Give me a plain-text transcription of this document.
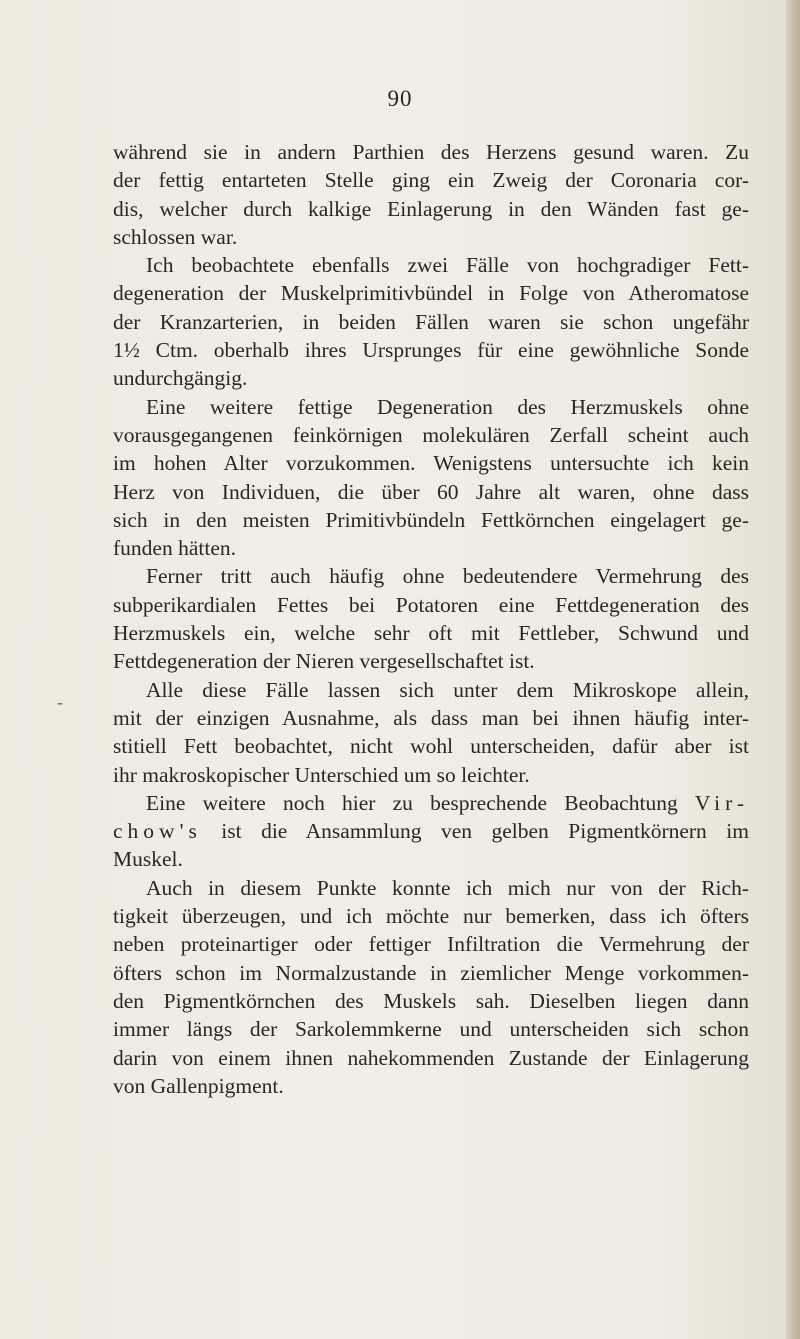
90
-
während sie in andern Parthien des Herzens gesund waren. Zu
der fettig entarteten Stelle ging ein Zweig der Coronaria cor-
dis, welcher durch kalkige Einlagerung in den Wänden fast ge-
schlossen war.
Ich beobachtete ebenfalls zwei Fälle von hochgradiger Fett-
degeneration der Muskelprimitivbündel in Folge von Atheromatose
der Kranzarterien, in beiden Fällen waren sie schon ungefähr
1½ Ctm. oberhalb ihres Ursprunges für eine gewöhnliche Sonde
undurchgängig.
Eine weitere fettige Degeneration des Herzmuskels ohne
vorausgegangenen feinkörnigen molekulären Zerfall scheint auch
im hohen Alter vorzukommen. Wenigstens untersuchte ich kein
Herz von Individuen, die über 60 Jahre alt waren, ohne dass
sich in den meisten Primitivbündeln Fettkörnchen eingelagert ge-
funden hätten.
Ferner tritt auch häufig ohne bedeutendere Vermehrung des
subperikardialen Fettes bei Potatoren eine Fettdegeneration des
Herzmuskels ein, welche sehr oft mit Fettleber, Schwund und
Fettdegeneration der Nieren vergesellschaftet ist.
Alle diese Fälle lassen sich unter dem Mikroskope allein,
mit der einzigen Ausnahme, als dass man bei ihnen häufig inter-
stitiell Fett beobachtet, nicht wohl unterscheiden, dafür aber ist
ihr makroskopischer Unterschied um so leichter.
Eine weitere noch hier zu besprechende Beobachtung Vir-
chow's ist die Ansammlung ven gelben Pigmentkörnern im
Muskel.
Auch in diesem Punkte konnte ich mich nur von der Rich-
tigkeit überzeugen, und ich möchte nur bemerken, dass ich öfters
neben proteinartiger oder fettiger Infiltration die Vermehrung der
öfters schon im Normalzustande in ziemlicher Menge vorkommen-
den Pigmentkörnchen des Muskels sah. Dieselben liegen dann
immer längs der Sarkolemmkerne und unterscheiden sich schon
darin von einem ihnen nahekommenden Zustande der Einlagerung
von Gallenpigment.
